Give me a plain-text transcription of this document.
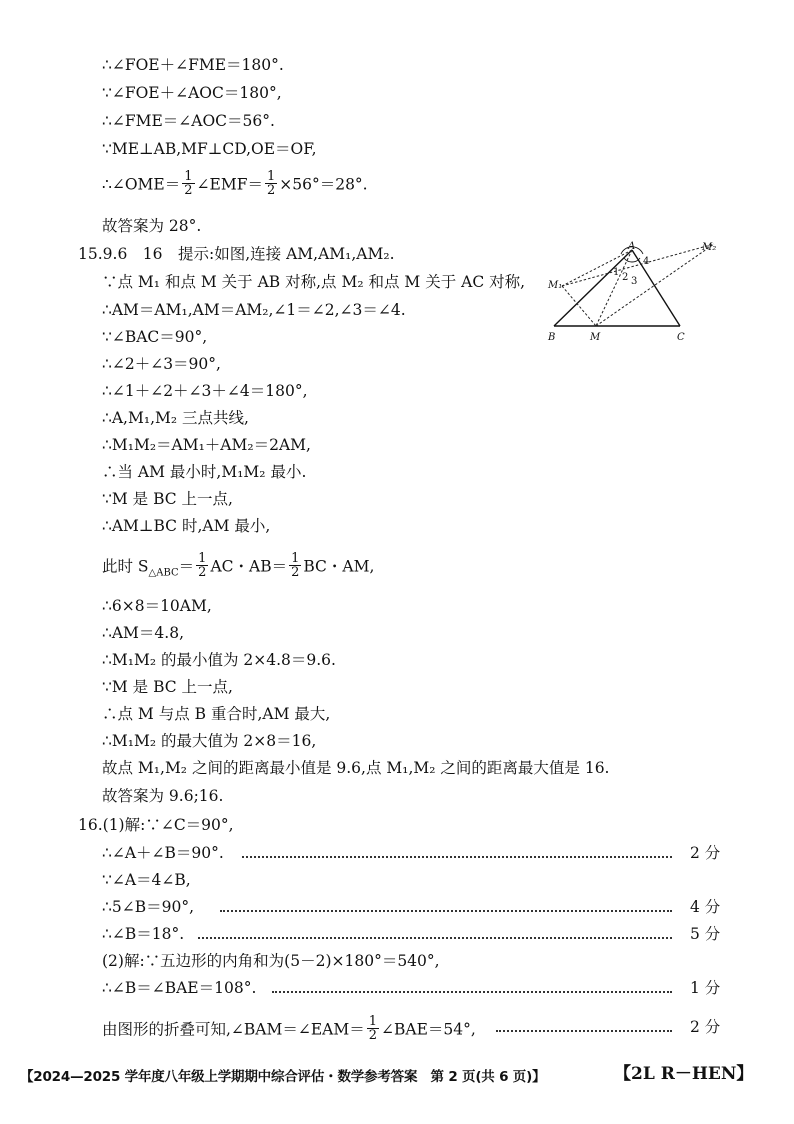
∴∠FOE＋∠FME＝180°.
∵∠FOE＋∠AOC＝180°,
∴∠FME＝∠AOC＝56°.
∵ME⊥AB,MF⊥CD,OE＝OF,
∴∠OME＝ $\frac{1}{2}$ ∠EMF＝ $\frac{1}{2} \times 56^\circ=28^\circ$.
故答案为 28°.
15.9.6　16　提示:如图,连接 AM,AM₁,AM₂.
∵点 M₁ 和点 M 关于 AB 对称,点 M₂ 和点 M 关于 AC 对称,
∴AM＝AM₁,AM＝AM₂,∠1＝∠2,∠3＝∠4.
∵∠BAC＝90°,
∴∠2＋∠3＝90°,
∴∠1＋∠2＋∠3＋∠4＝180°,
∴A,M₁,M₂ 三点共线,
∴M₁M₂＝AM₁＋AM₂＝2AM,
∴当 AM 最小时,M₁M₂ 最小.
∵M 是 BC 上一点,
∴AM⊥BC 时,AM 最小,
此时 $S_{\triangle ABC}= \frac{1}{2}$ AC・$AB= \frac{1}{2}$ BC・AM,
∴6×8＝10AM,
∴AM＝4.8,
∴M₁M₂ 的最小值为 2×4.8＝9.6.
∵M 是 BC 上一点,
∴点 M 与点 B 重合时,AM 最大,
∴M₁M₂ 的最大值为 2×8＝16,
故点 M₁,M₂ 之间的距离最小值是 9.6,点 M₁,M₂ 之间的距离最大值是 16.
故答案为 9.6;16.
M₂
A
4
M₁
1 2 3
B	M	C
16.(1)解:∵∠C＝90°,
∴∠A＋∠B＝90°.	2 分
∵∠A＝4∠B,
∴5∠B＝90°,	4 分
∴∠B＝18°.	5 分
(2)解:∵五边形的内角和为(5－2)×180°＝540°,
∴∠B＝∠BAE＝108°.	1 分
由图形的折叠可知,∠BAM＝∠EAM＝ $\frac{1}{2}$ ∠BAE＝54°,	2 分
【2024—2025 学年度八年级上学期期中综合评估・数学参考答案　第 2 页(共 6 页)】	【2L R－HEN】
